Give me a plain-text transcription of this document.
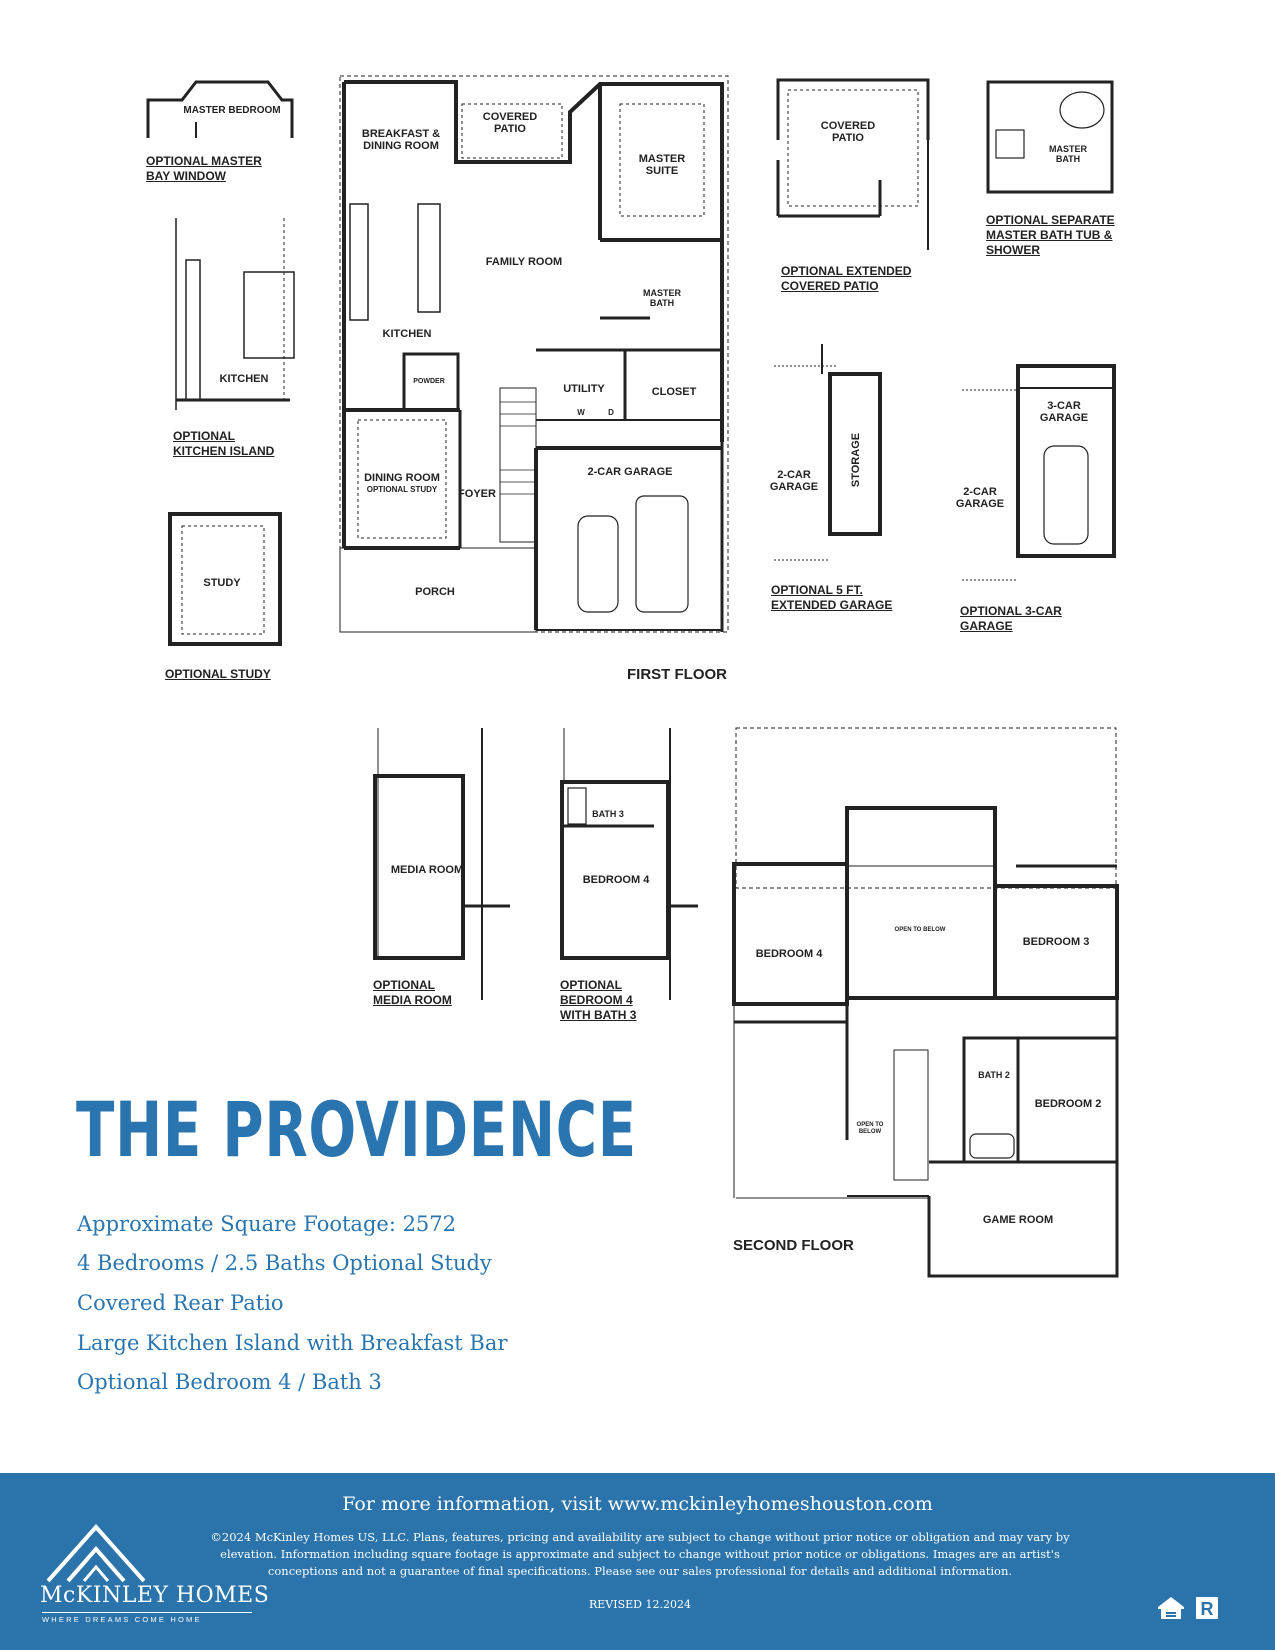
BREAKFAST &
DINING ROOM
COVERED
PATIO
MASTER
SUITE
FAMILY ROOM
MASTER
BATH
KITCHEN
POWDER
UTILITY
W	D
CLOSET
DINING ROOM
OPTIONAL STUDY	FOYER
2-CAR GARAGE
PORCH
FIRST FLOOR
MASTER BEDROOM
OPTIONAL MASTER
BAY WINDOW
KITCHEN
OPTIONAL
KITCHEN ISLAND
STUDY
OPTIONAL STUDY
COVERED
PATIO
OPTIONAL EXTENDED
COVERED PATIO
MASTER
BATH
OPTIONAL SEPARATE
MASTER BATH TUB &
SHOWER
2-CAR
GARAGE	STORAGE
OPTIONAL 5 FT.
EXTENDED GARAGE
2-CAR
GARAGE
3-CAR
GARAGE
OPTIONAL 3-CAR
GARAGE
MEDIA ROOM
OPTIONAL
MEDIA ROOM
BATH 3
BEDROOM 4
OPTIONAL
BEDROOM 4
WITH BATH 3
BEDROOM 4
OPEN TO BELOW
BEDROOM 3
BATH 2
BEDROOM 2
OPEN TO
BELOW
GAME ROOM
SECOND FLOOR
THE PROVIDENCE
Approximate Square Footage: 2572
4 Bedrooms / 2.5 Baths Optional Study
Covered Rear Patio
Large Kitchen Island with Breakfast Bar
Optional Bedroom 4 / Bath 3
For more information, visit www.mckinleyhomeshouston.com
©2024 McKinley Homes US, LLC. Plans, features, pricing and availability are subject to change without prior notice or obligation and may vary by elevation. Information including square footage is approximate and subject to change without prior notice or obligations. Images are an artist's conceptions and not a guarantee of final specifications. Please see our sales professional for details and additional information.
REVISED 12.2024
McKINLEY HOMES
WHERE DREAMS COME HOME
R
